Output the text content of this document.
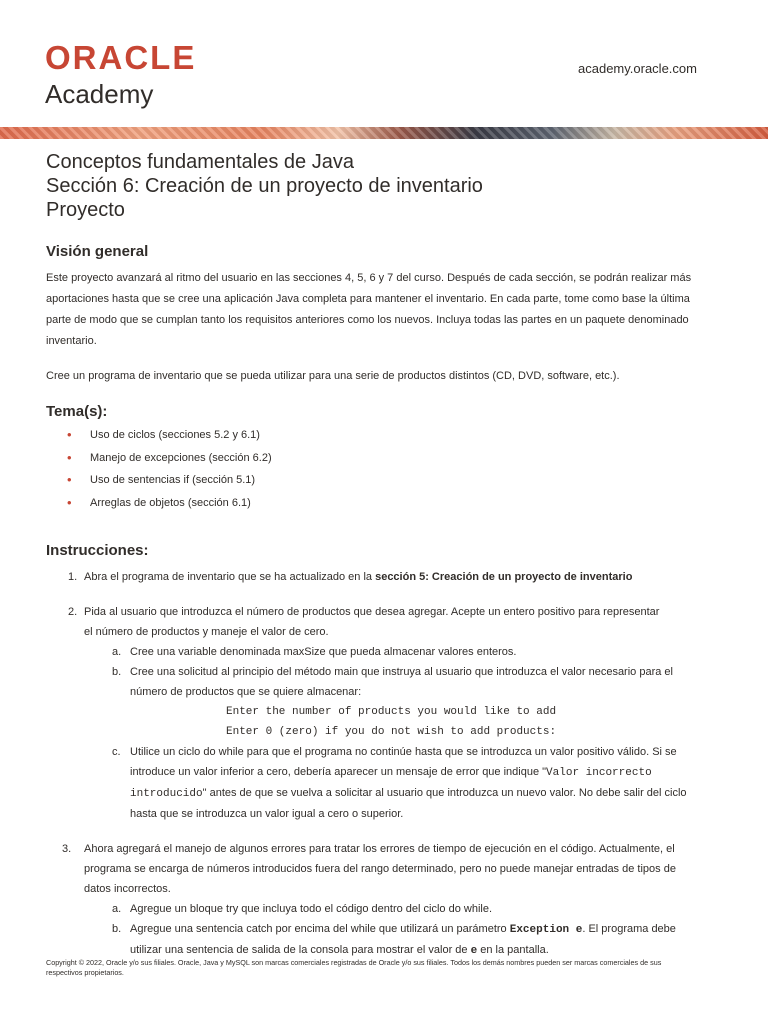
ORACLE
Academy
academy.oracle.com
Conceptos fundamentales de Java
Sección 6: Creación de un proyecto de inventario
Proyecto
Visión general

Este proyecto avanzará al ritmo del usuario en las secciones 4, 5, 6 y 7 del curso. Después de cada sección, se podrán realizar más

aportaciones hasta que se cree una aplicación Java completa para mantener el inventario. En cada parte, tome como base la última

parte de modo que se cumplan tanto los requisitos anteriores como los nuevos. Incluya todas las partes en un paquete denominado

inventario.

Cree un programa de inventario que se pueda utilizar para una serie de productos distintos (CD, DVD, software, etc.).

Tema(s):
• Uso de ciclos (secciones 5.2 y 6.1)
• Manejo de excepciones (sección 6.2)
• Uso de sentencias if (sección 5.1)
• Arreglas de objetos (sección 6.1)
Instrucciones:
1. Abra el programa de inventario que se ha actualizado en la sección 5: Creación de un proyecto de inventario
2. Pida al usuario que introduzca el número de productos que desea agregar. Acepte un entero positivo para representar
el número de productos y maneje el valor de cero.
a. Cree una variable denominada maxSize que pueda almacenar valores enteros.
b. Cree una solicitud al principio del método main que instruya al usuario que introduzca el valor necesario para el
número de productos que se quiere almacenar:
Enter the number of products you would like to add
Enter 0 (zero) if you do not wish to add products:
c. Utilice un ciclo do while para que el programa no continúe hasta que se introduzca un valor positivo válido. Si se
introduce un valor inferior a cero, debería aparecer un mensaje de error que indique "Valor incorrecto
introducido" antes de que se vuelva a solicitar al usuario que introduzca un nuevo valor. No debe salir del ciclo
hasta que se introduzca un valor igual a cero o superior.
3.	Ahora agregará el manejo de algunos errores para tratar los errores de tiempo de ejecución en el código. Actualmente, el
programa se encarga de números introducidos fuera del rango determinado, pero no puede manejar entradas de tipos de
datos incorrectos.
a. Agregue un bloque try que incluya todo el código dentro del ciclo do while.
b. Agregue una sentencia catch por encima del while que utilizará un parámetro Exception e. El programa debe
utilizar una sentencia de salida de la consola para mostrar el valor de e en la pantalla.
Copyright © 2022, Oracle y/o sus filiales. Oracle, Java y MySQL son marcas comerciales registradas de Oracle y/o sus filiales. Todos los demás nombres pueden ser marcas comerciales de sus
respectivos propietarios.
